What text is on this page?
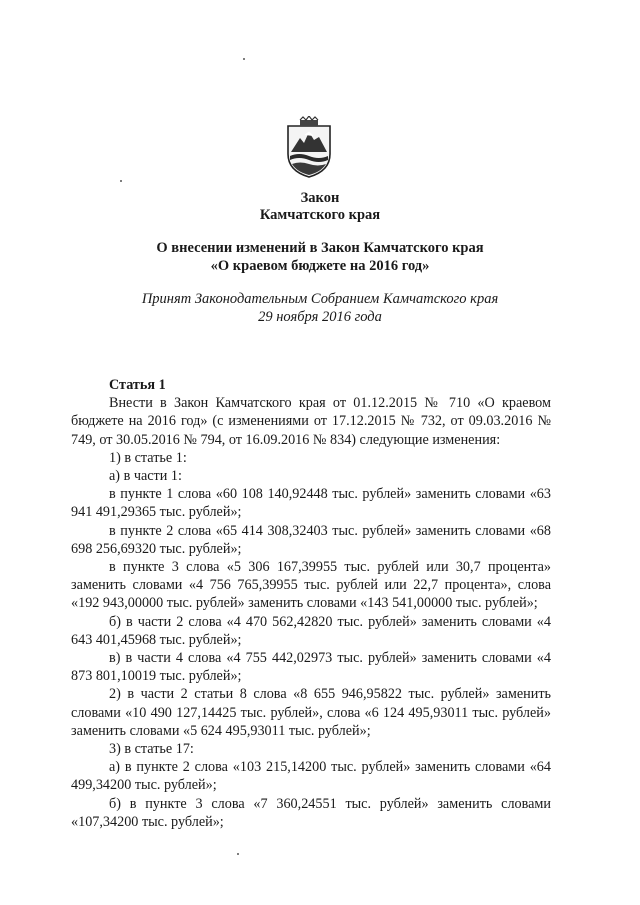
Закон
Камчатского края
О внесении изменений в Закон Камчатского края
«О краевом бюджете на 2016 год»
Принят Законодательным Собранием Камчатского края
29 ноября 2016 года

Статья 1

Внести в Закон Камчатского края от 01.12.2015 № 710 «О краевом бюджете на 2016 год» (с изменениями от 17.12.2015 № 732, от 09.03.2016 № 749, от 30.05.2016 № 794, от 16.09.2016 № 834) следующие изменения:

1) в статье 1:

а) в части 1:

в пункте 1 слова «60 108 140,92448 тыс. рублей» заменить словами «63 941 491,29365 тыс. рублей»;

в пункте 2 слова «65 414 308,32403 тыс. рублей» заменить словами «68 698 256,69320 тыс. рублей»;

в пункте 3 слова «5 306 167,39955 тыс. рублей или 30,7 процента» заменить словами «4 756 765,39955 тыс. рублей или 22,7 процента», слова «192 943,00000 тыс. рублей» заменить словами «143 541,00000 тыс. рублей»;

б) в части 2 слова «4 470 562,42820 тыс. рублей» заменить словами «4 643 401,45968 тыс. рублей»;

в) в части 4 слова «4 755 442,02973 тыс. рублей» заменить словами «4 873 801,10019 тыс. рублей»;

2) в части 2 статьи 8 слова «8 655 946,95822 тыс. рублей» заменить словами «10 490 127,14425 тыс. рублей», слова «6 124 495,93011 тыс. рублей» заменить словами «5 624 495,93011 тыс. рублей»;

3) в статье 17:

а) в пункте 2 слова «103 215,14200 тыс. рублей» заменить словами «64 499,34200 тыс. рублей»;

б) в пункте 3 слова «7 360,24551 тыс. рублей» заменить словами «107,34200 тыс. рублей»;
